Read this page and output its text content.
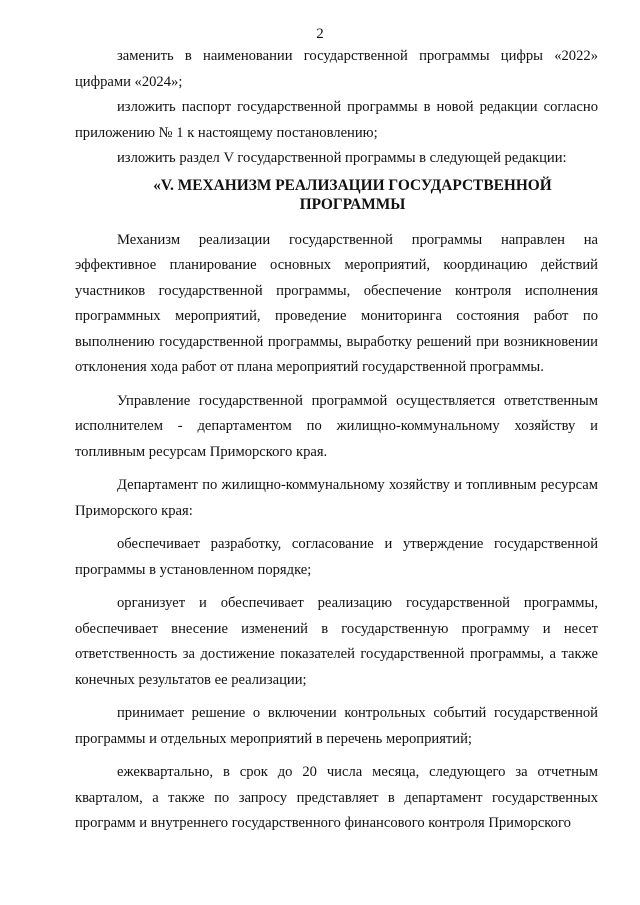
2

заменить в наименовании государственной программы цифры «2022» цифрами «2024»;

изложить паспорт государственной программы в новой редакции согласно приложению № 1 к настоящему постановлению;

изложить раздел V государственной программы в следующей редакции:

«V. МЕХАНИЗМ РЕАЛИЗАЦИИ ГОСУДАРСТВЕННОЙ ПРОГРАММЫ

Механизм реализации государственной программы направлен на эффективное планирование основных мероприятий, координацию действий участников государственной программы, обеспечение контроля исполнения программных мероприятий, проведение мониторинга состояния работ по выполнению государственной программы, выработку решений при возникновении отклонения хода работ от плана мероприятий государственной программы.

Управление государственной программой осуществляется ответственным исполнителем - департаментом по жилищно-коммунальному хозяйству и топливным ресурсам Приморского края.

Департамент по жилищно-коммунальному хозяйству и топливным ресурсам Приморского края:

обеспечивает разработку, согласование и утверждение государственной программы в установленном порядке;

организует и обеспечивает реализацию государственной программы, обеспечивает внесение изменений в государственную программу и несет ответственность за достижение показателей государственной программы, а также конечных результатов ее реализации;

принимает решение о включении контрольных событий государственной программы и отдельных мероприятий в перечень мероприятий;

ежеквартально, в срок до 20 числа месяца, следующего за отчетным кварталом, а также по запросу представляет в департамент государственных программ и внутреннего государственного финансового контроля Приморского
